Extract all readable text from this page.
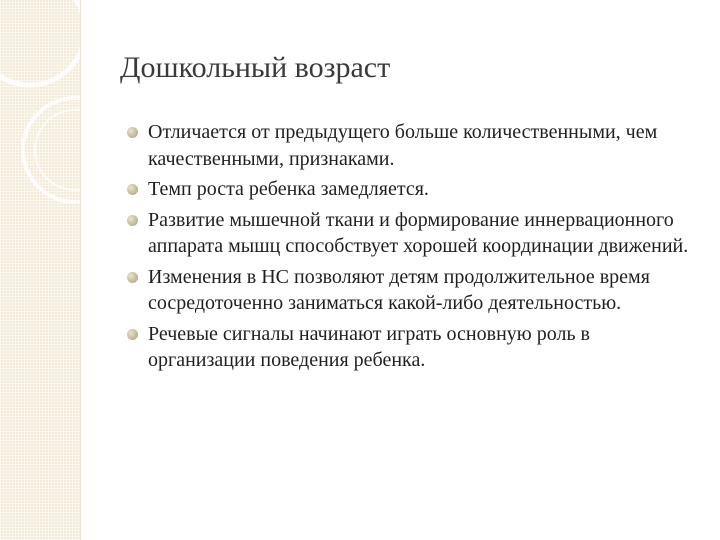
Дошкольный возраст
Отличается от предыдущего больше количественными, чем качественными, признаками.
Темп роста ребенка замедляется.
Развитие мышечной ткани и формирование иннервационного аппарата мышц способствует хорошей координации движений.
Изменения в НС позволяют детям продолжительное время сосредоточенно заниматься какой-либо деятельностью.
Речевые сигналы начинают играть основную роль в организации поведения ребенка.
